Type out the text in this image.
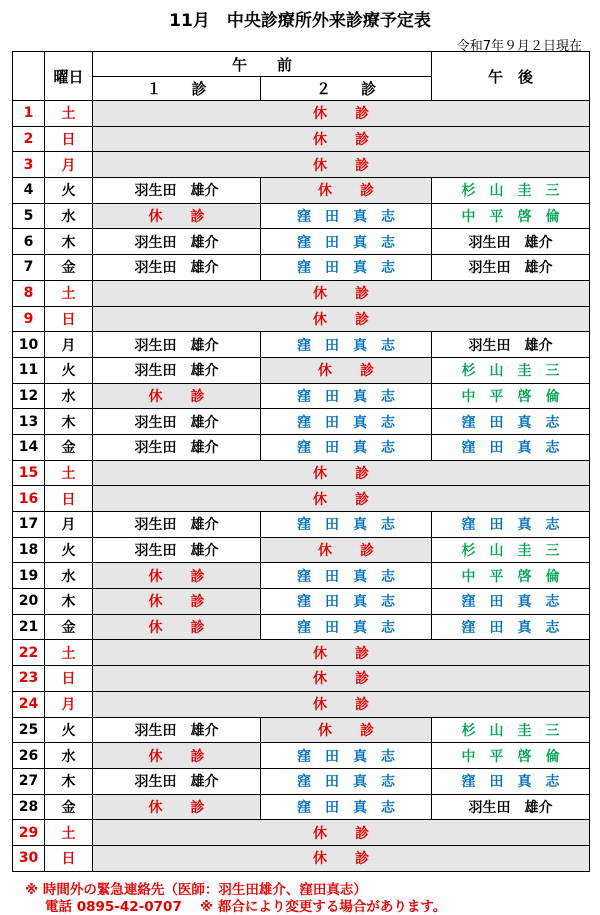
11月　中央診療所外来診療予定表
令和7年９月２日現在
	曜日	午　　前		午　後
		１　　診	２　　診	
1	土	休　　診		
2	日	休　　診		
3	月	休　　診		
4	火	羽生田　雄介	休　　診	杉　山　圭　三
5	水	休　　診	窪　田　真　志	中　平　啓　倫
6	木	羽生田　雄介	窪　田　真　志	羽生田　雄介
7	金	羽生田　雄介	窪　田　真　志	羽生田　雄介
8	土	休　　診		
9	日	休　　診		
10	月	羽生田　雄介	窪　田　真　志	羽生田　雄介
11	火	羽生田　雄介	休　　診	杉　山　圭　三
12	水	休　　診	窪　田　真　志	中　平　啓　倫
13	木	羽生田　雄介	窪　田　真　志	窪　田　真　志
14	金	羽生田　雄介	窪　田　真　志	窪　田　真　志
15	土	休　　診		
16	日	休　　診		
17	月	羽生田　雄介	窪　田　真　志	窪　田　真　志
18	火	羽生田　雄介	休　　診	杉　山　圭　三
19	水	休　　診	窪　田　真　志	中　平　啓　倫
20	木	休　　診	窪　田　真　志	窪　田　真　志
21	金	休　　診	窪　田　真　志	窪　田　真　志
22	土	休　　診		
23	日	休　　診		
24	月	休　　診		
25	火	羽生田　雄介	休　　診	杉　山　圭　三
26	水	休　　診	窪　田　真　志	中　平　啓　倫
27	木	羽生田　雄介	窪　田　真　志	窪　田　真　志
28	金	休　　診	窪　田　真　志	羽生田　雄介
29	土	休　　診		
30	日	休　　診		
※ 時間外の緊急連絡先（医師：羽生田雄介、窪田真志）
電話 0895-42-0707　 ※ 都合により変更する場合があります。
